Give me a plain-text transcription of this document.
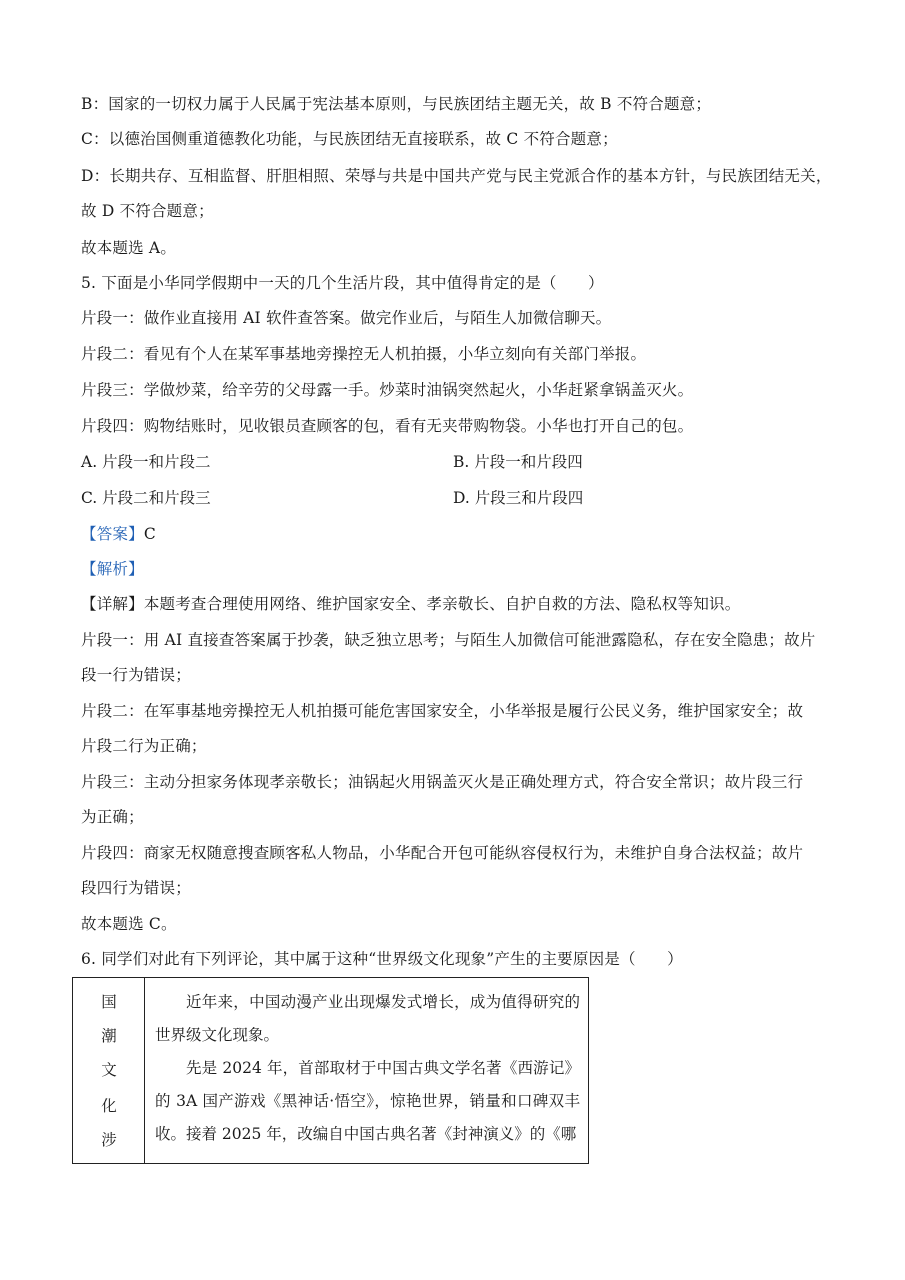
B：国家的一切权力属于人民属于宪法基本原则，与民族团结主题无关，故 B 不符合题意；
C：以德治国侧重道德教化功能，与民族团结无直接联系，故 C 不符合题意；
D：长期共存、互相监督、肝胆相照、荣辱与共是中国共产党与民主党派合作的基本方针，与民族团结无关，
故 D 不符合题意；
故本题选 A。
5. 下面是小华同学假期中一天的几个生活片段，其中值得肯定的是（　　）
片段一：做作业直接用 AI 软件查答案。做完作业后，与陌生人加微信聊天。
片段二：看见有个人在某军事基地旁操控无人机拍摄，小华立刻向有关部门举报。
片段三：学做炒菜，给辛劳的父母露一手。炒菜时油锅突然起火，小华赶紧拿锅盖灭火。
片段四：购物结账时，见收银员查顾客的包，看有无夹带购物袋。小华也打开自己的包。
A. 片段一和片段二	B. 片段一和片段四
C. 片段二和片段三	D. 片段三和片段四
【答案】C
【解析】
【详解】本题考查合理使用网络、维护国家安全、孝亲敬长、自护自救的方法、隐私权等知识。
片段一：用 AI 直接查答案属于抄袭，缺乏独立思考；与陌生人加微信可能泄露隐私，存在安全隐患；故片
段一行为错误；
片段二：在军事基地旁操控无人机拍摄可能危害国家安全，小华举报是履行公民义务，维护国家安全；故
片段二行为正确；
片段三：主动分担家务体现孝亲敬长；油锅起火用锅盖灭火是正确处理方式，符合安全常识；故片段三行
为正确；
片段四：商家无权随意搜查顾客私人物品，小华配合开包可能纵容侵权行为，未维护自身合法权益；故片
段四行为错误；
故本题选 C。
6. 同学们对此有下列评论，其中属于这种“世界级文化现象”产生的主要原因是（　　）
国
潮
文
化
涉

近年来，中国动漫产业出现爆发式增长，成为值得研究的世界级文化现象。

先是 2024 年，首部取材于中国古典文学名著《西游记》的 3A 国产游戏《黑神话·悟空》，惊艳世界，销量和口碑双丰收。接着 2025 年，改编自中国古典名著《封神演义》的《哪
